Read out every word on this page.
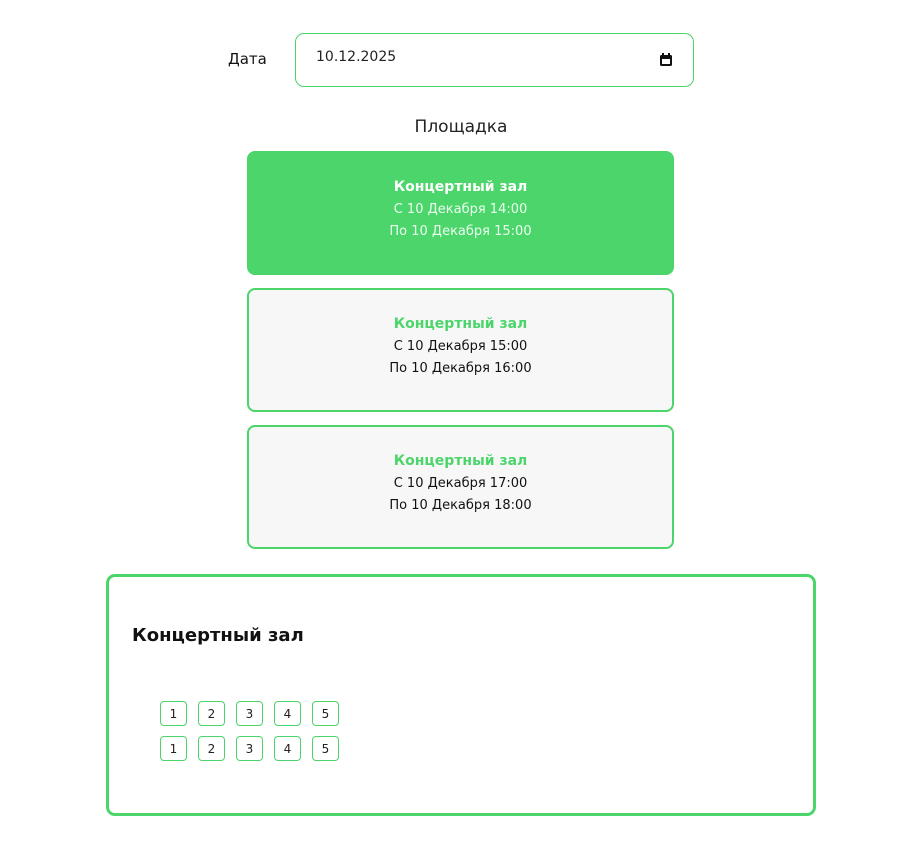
Дата	10.12.2025
Площадка
Концертный зал
С 10 Декабря 14:00
По 10 Декабря 15:00
Концертный зал
С 10 Декабря 15:00
По 10 Декабря 16:00
Концертный зал
С 10 Декабря 17:00
По 10 Декабря 18:00
Концертный зал
1	2	3	4	5
1	2	3	4	5
